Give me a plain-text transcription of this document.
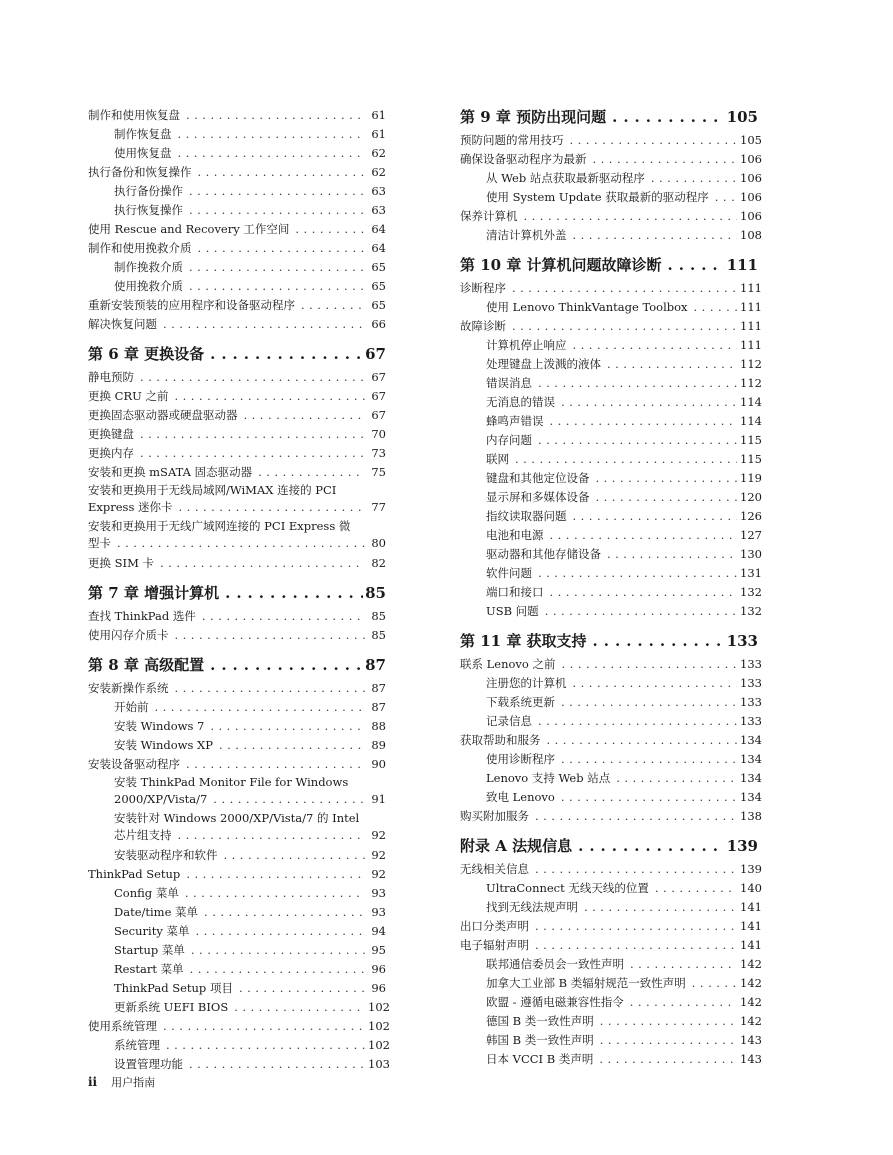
制作和使用恢复盘 .....	61
制作恢复盘 .....	61
使用恢复盘 .....	62
执行备份和恢复操作 .....	62
执行备份操作 .....	63
执行恢复操作 .....	63
使用 Rescue and Recovery 工作空间 .....	64
制作和使用挽救介质 .....	64
制作挽救介质 .....	65
使用挽救介质 .....	65
重新安装预装的应用程序和设备驱动程序 .....	65
解决恢复问题 .....	66
第 6 章 更换设备 .....	67
静电预防 .....	67
更换 CRU 之前 .....	67
更换固态驱动器或硬盘驱动器 .....	67
更换键盘 .....	70
更换内存 .....	73
安装和更换 mSATA 固态驱动器 .....	75
安装和更换用于无线局域网/WiMAX 连接的 PCI
Express 迷你卡 .....	77
安装和更换用于无线广域网连接的 PCI Express 微
型卡 .....	80
更换 SIM 卡 .....	82
第 7 章 增强计算机 .....	85
查找 ThinkPad 选件 .....	85
使用闪存介质卡 .....	85
第 8 章 高级配置 .....	87
安装新操作系统 .....	87
开始前 .....	87
安装 Windows 7 .....	88
安装 Windows XP .....	89
安装设备驱动程序 .....	90
安装 ThinkPad Monitor File for Windows
2000/XP/Vista/7 .....	91
安装针对 Windows 2000/XP/Vista/7 的 Intel
芯片组支持 .....	92
安装驱动程序和软件 .....	92
ThinkPad Setup .....	92
Config 菜单 .....	93
Date/time 菜单 .....	93
Security 菜单 .....	94
Startup 菜单 .....	95
Restart 菜单 .....	96
ThinkPad Setup 项目 .....	96
更新系统 UEFI BIOS .....	102
使用系统管理 .....	102
系统管理 .....	102
设置管理功能 .....	103
第 9 章 预防出现问题 .....	105
预防问题的常用技巧 .....	105
确保设备驱动程序为最新 .....	106
从 Web 站点获取最新驱动程序 .....	106
使用 System Update 获取最新的驱动程序 .....	106
保养计算机 .....	106
清洁计算机外盖 .....	108
第 10 章 计算机问题故障诊断 .....	111
诊断程序 .....	111
使用 Lenovo ThinkVantage Toolbox .....	111
故障诊断 .....	111
计算机停止响应 .....	111
处理键盘上泼溅的液体 .....	112
错误消息 .....	112
无消息的错误 .....	114
蜂鸣声错误 .....	114
内存问题 .....	115
联网 .....	115
键盘和其他定位设备 .....	119
显示屏和多媒体设备 .....	120
指纹读取器问题 .....	126
电池和电源 .....	127
驱动器和其他存储设备 .....	130
软件问题 .....	131
端口和接口 .....	132
USB 问题 .....	132
第 11 章 获取支持 .....	133
联系 Lenovo 之前 .....	133
注册您的计算机 .....	133
下载系统更新 .....	133
记录信息 .....	133
获取帮助和服务 .....	134
使用诊断程序 .....	134
Lenovo 支持 Web 站点 .....	134
致电 Lenovo .....	134
购买附加服务 .....	138
附录 A 法规信息 .....	139
无线相关信息 .....	139
UltraConnect 无线天线的位置 .....	140
找到无线法规声明 .....	141
出口分类声明 .....	141
电子辐射声明 .....	141
联邦通信委员会一致性声明 .....	142
加拿大工业部 B 类辐射规范一致性声明 .....	142
欧盟 - 遵循电磁兼容性指令 .....	142
德国 B 类一致性声明 .....	142
韩国 B 类一致性声明 .....	143
日本 VCCI B 类声明 .....	143
ii 用户指南
